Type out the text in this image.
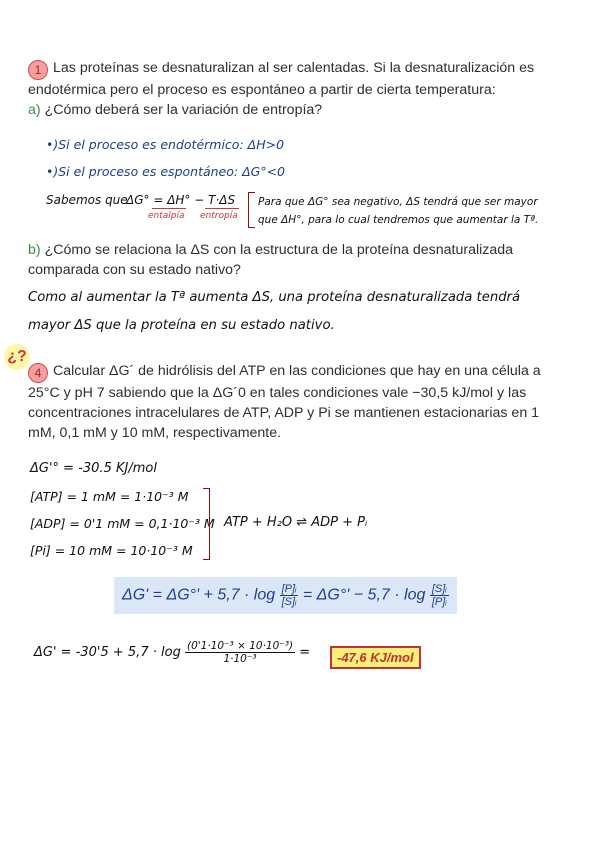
1 Las proteínas se desnaturalizan al ser calentadas. Si la desnaturalización es
endotérmica pero el proceso es espontáneo a partir de cierta temperatura:
a) ¿Cómo deberá ser la variación de entropía?
•)Si el proceso es endotérmico: ΔH>0
•)Si el proceso es espontáneo: ΔG°<0
Sabemos que
ΔG° = ΔH° − T·ΔS
entalpía entropía
Para que ΔG° sea negativo, ΔS tendrá que ser mayor
que ΔH°, para lo cual tendremos que aumentar la Tª.
b) ¿Cómo se relaciona la ΔS con la estructura de la proteína desnaturalizada
comparada con su estado nativo?
Como al aumentar la Tª aumenta ΔS, una proteína desnaturalizada tendrá
mayor ΔS que la proteína en su estado nativo.
¿?
4 Calcular ΔG´ de hidrólisis del ATP en las condiciones que hay en una célula a
25°C y pH 7 sabiendo que la ΔG´0 en tales condiciones vale −30,5 kJ/mol y las
concentraciones intracelulares de ATP, ADP y Pi se mantienen estacionarias en 1
mM, 0,1 mM y 10 mM, respectivamente.
ΔG'° = -30.5 KJ/mol
[ATP] = 1 mM = 1·10⁻³ M
[ADP] = 0'1 mM = 0,1·10⁻³ M
[Pi] = 10 mM = 10·10⁻³ M
ATP + H₂O ⇌ ADP + Pᵢ
$\Delta G' = \Delta G^\circ' + 5,7 \cdot \log \frac{\text{[P]ᵢ}}{\text{[S]ᵢ}} = \Delta G^\circ' - 5,7 \cdot \log \frac{\text{[S]ᵢ}}{\text{[P]ᵢ}}$
$\Delta G' = -30'5 + 5,7 \cdot \log \frac{\text{(0'1·10⁻³ × 10·10⁻³)}}{\text{1·10⁻³}}$ =	-47,6 KJ/mol
